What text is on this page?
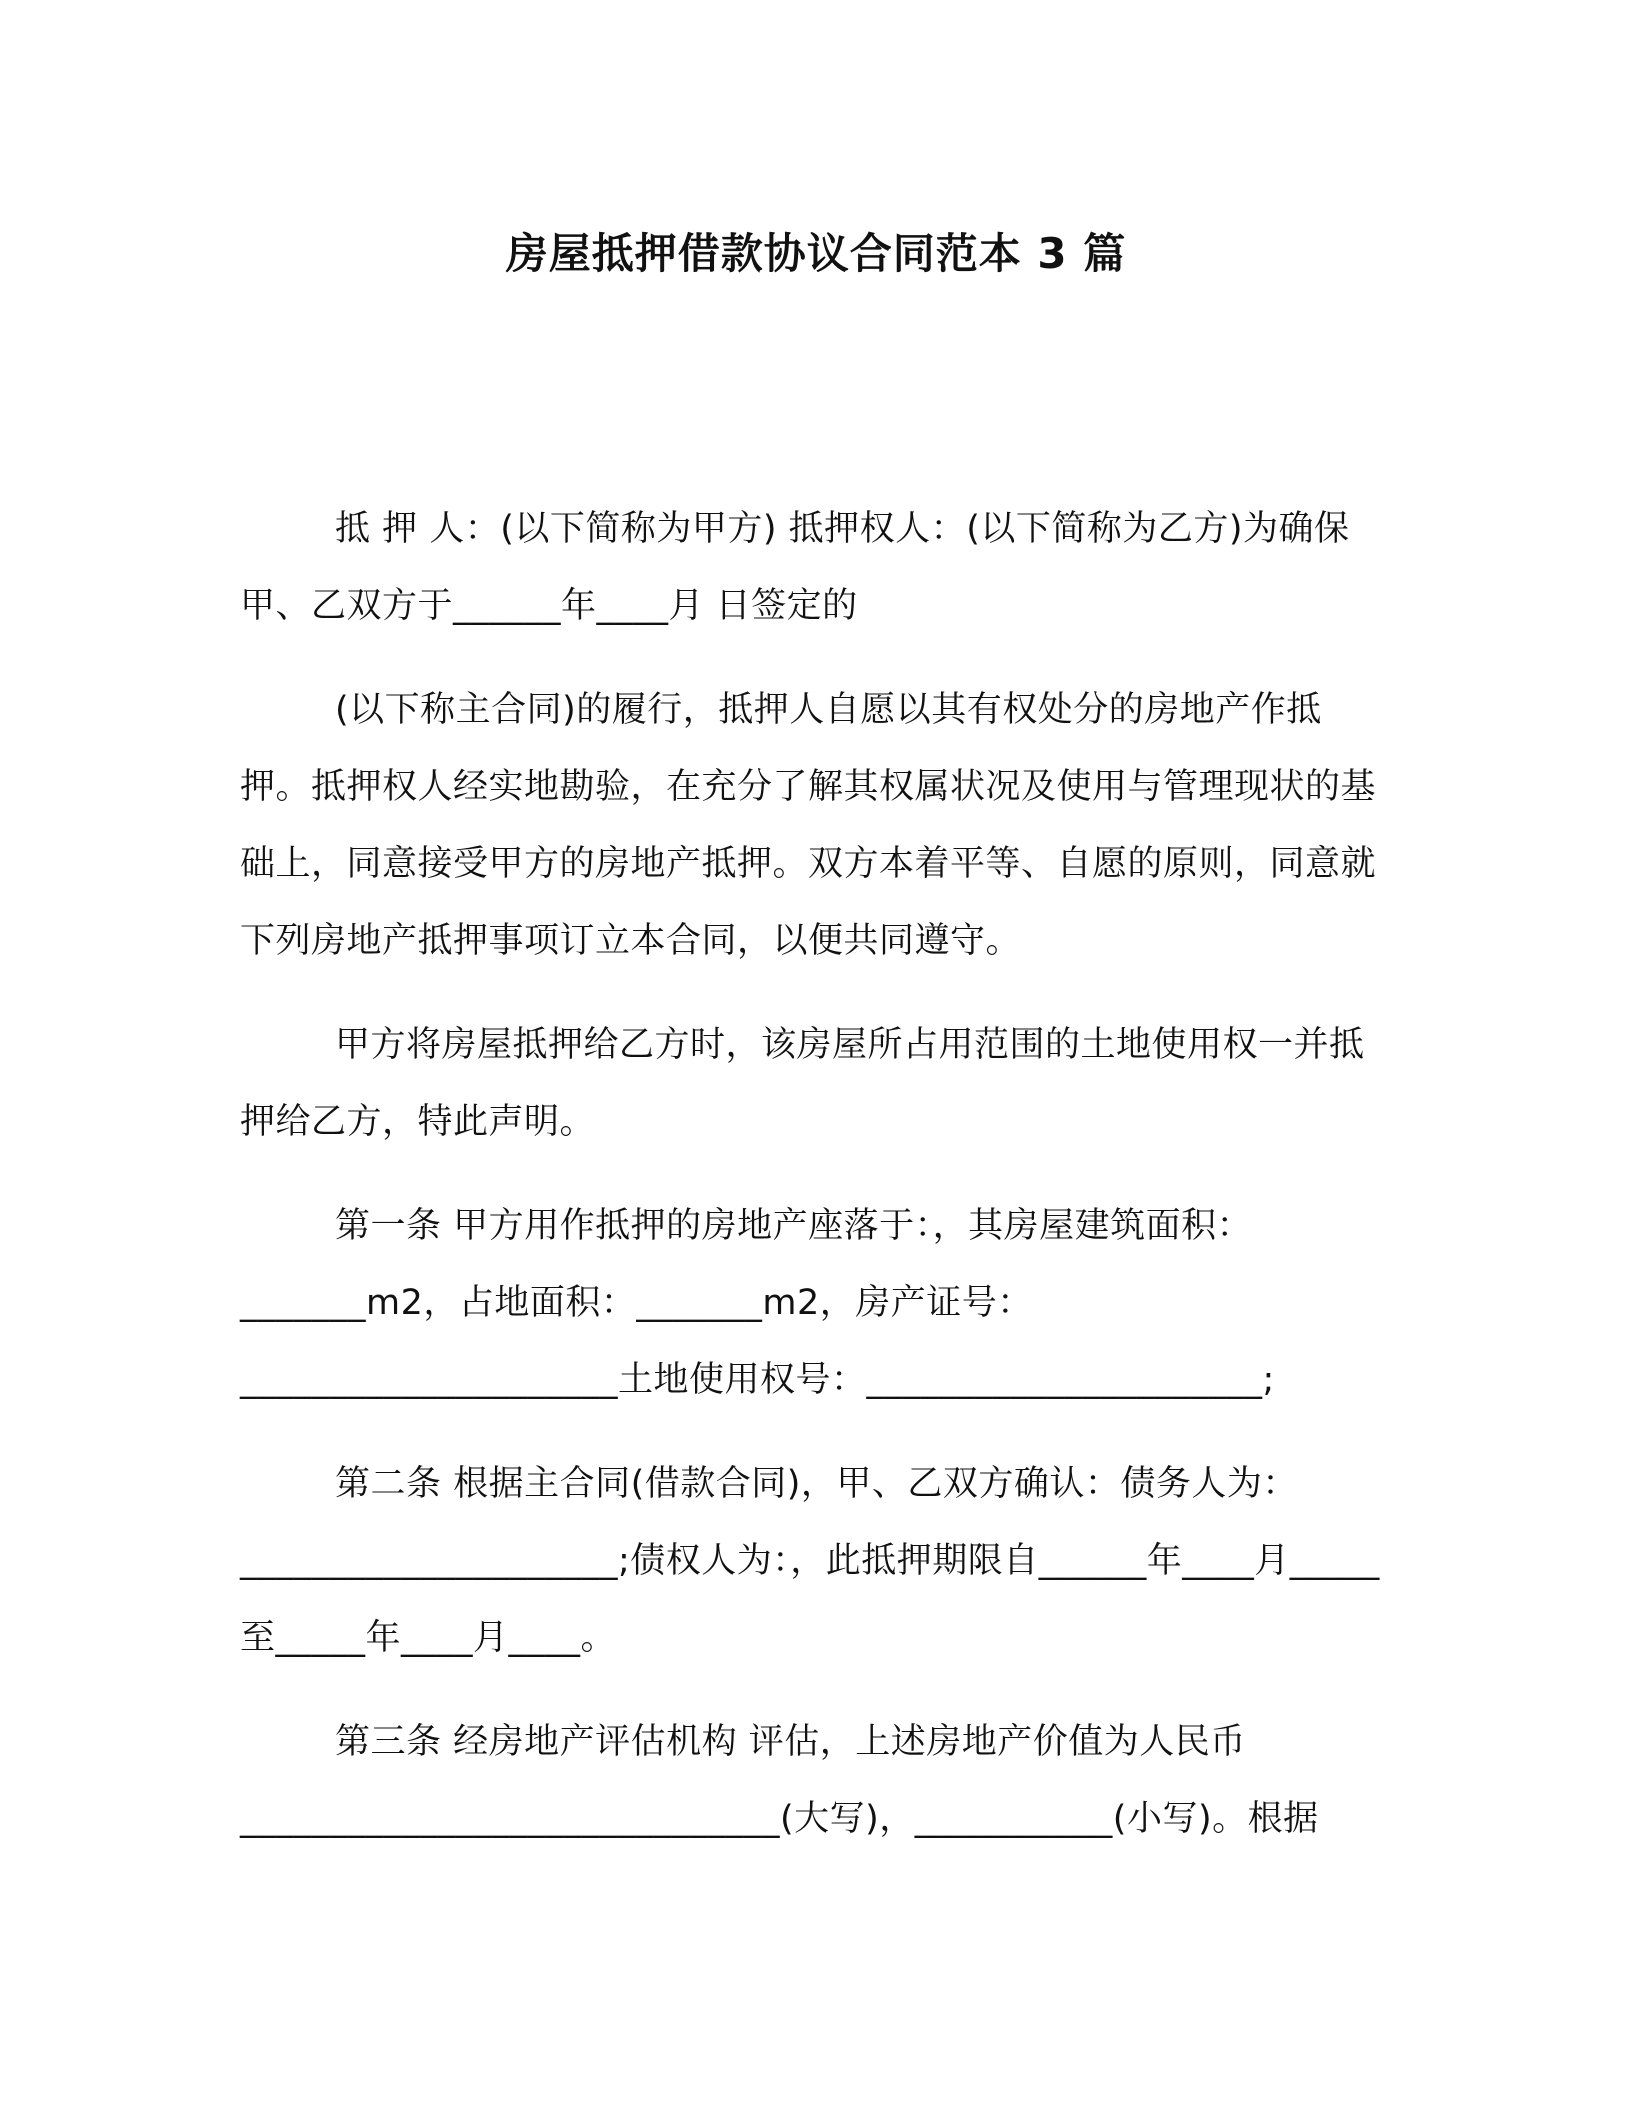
房屋抵押借款协议合同范本 3 篇

抵 押 人：(以下简称为甲方) 抵押权人：(以下简称为乙方)为确保甲、乙双方于______年____月 日签定的

(以下称主合同)的履行，抵押人自愿以其有权处分的房地产作抵押。抵押权人经实地勘验，在充分了解其权属状况及使用与管理现状的基础上，同意接受甲方的房地产抵押。双方本着平等、自愿的原则，同意就下列房地产抵押事项订立本合同，以便共同遵守。

甲方将房屋抵押给乙方时，该房屋所占用范围的土地使用权一并抵押给乙方，特此声明。

第一条 甲方用作抵押的房地产座落于：，其房屋建筑面积：_______m2，占地面积：_______m2，房产证号：_____________________土地使用权号：______________________;

第二条 根据主合同(借款合同)，甲、乙双方确认：债务人为：_____________________;债权人为：，此抵押期限自______年____月_____至_____年____月____。

第三条 经房地产评估机构 评估，上述房地产价值为人民币______________________________(大写)，___________(小写)。根据
